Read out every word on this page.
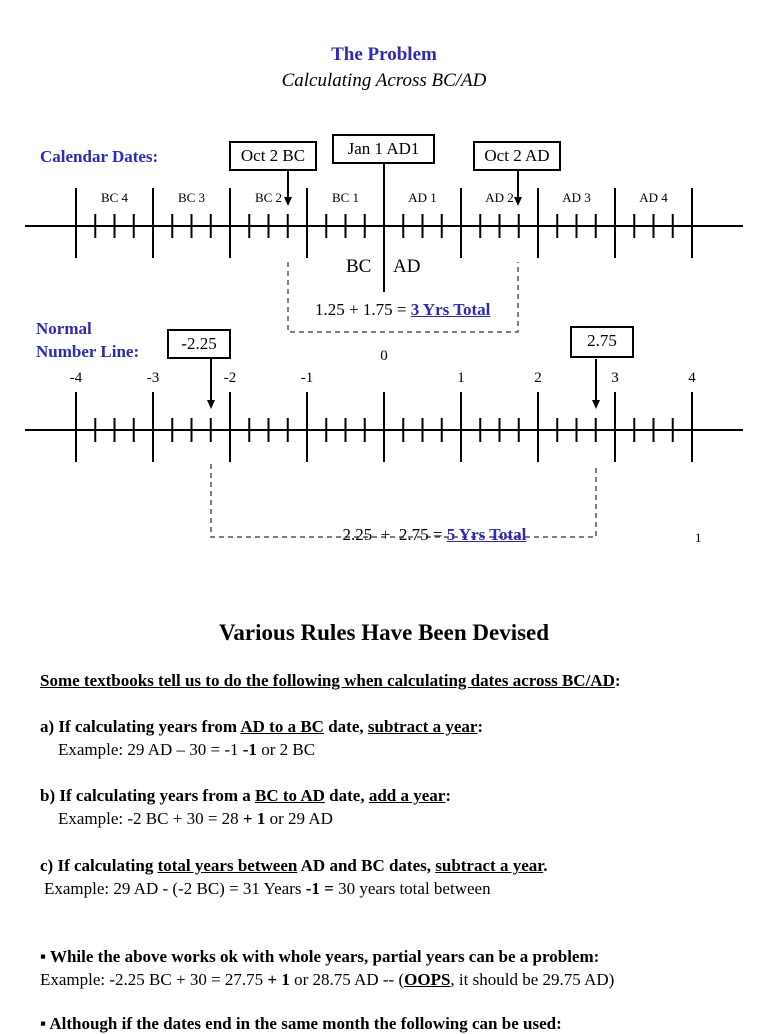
The Problem
Calculating Across BC/AD
Calendar Dates:	Oct 2 BC	Jan 1 AD1	Oct 2 AD
BC 4	BC 3	BC 2	BC 1	AD 1	AD 2	AD 3	AD 4
BC AD
1.25 + 1.75 = 3 Yrs Total
Normal
Number Line:	-2.25	2.75
-4	-3	-2	-1
0
1	2	3	4

2.25  +  2.75 = 5 Yrs Total	1
Various Rules Have Been Devised
Some textbooks tell us to do the following when calculating dates across BC/AD:
a) If calculating years from AD to a BC date, subtract a year:
Example: 29 AD – 30 = -1 -1 or 2 BC
b) If calculating years from a BC to AD date, add a year:
Example: -2 BC + 30 = 28 + 1 or 29 AD
c) If calculating total years between AD and BC dates, subtract a year.
Example: 29 AD - (-2 BC) = 31 Years -1 = 30 years total between
▪ While the above works ok with whole years, partial years can be a problem:
Example: -2.25 BC + 30 = 27.75 + 1 or 28.75 AD -- (OOPS, it should be 29.75 AD)
▪ Although if the dates end in the same month the following can be used:
